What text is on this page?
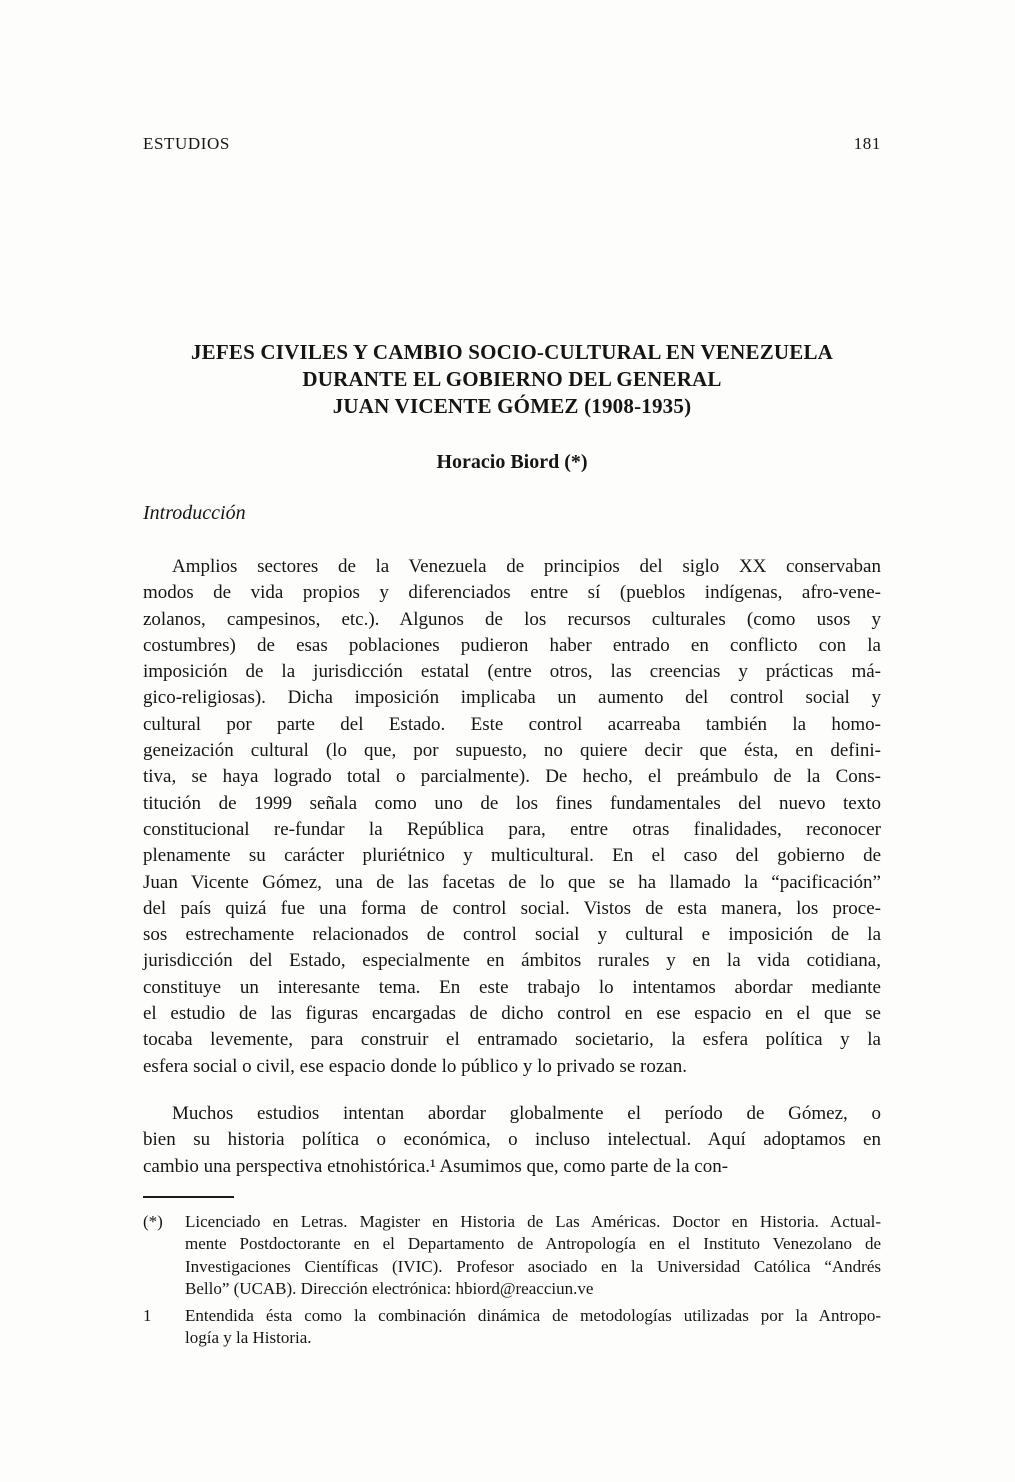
ESTUDIOS	181
JEFES CIVILES Y CAMBIO SOCIO-CULTURAL EN VENEZUELA
DURANTE EL GOBIERNO DEL GENERAL
JUAN VICENTE GÓMEZ (1908-1935)
Horacio Biord (*)
Introducción
Amplios sectores de la Venezuela de principios del siglo XX conservaban
modos de vida propios y diferenciados entre sí (pueblos indígenas, afro-vene-
zolanos, campesinos, etc.). Algunos de los recursos culturales (como usos y
costumbres) de esas poblaciones pudieron haber entrado en conflicto con la
imposición de la jurisdicción estatal (entre otros, las creencias y prácticas má-
gico-religiosas). Dicha imposición implicaba un aumento del control social y
cultural por parte del Estado. Este control acarreaba también la homo-
geneización cultural (lo que, por supuesto, no quiere decir que ésta, en defini-
tiva, se haya logrado total o parcialmente). De hecho, el preámbulo de la Cons-
titución de 1999 señala como uno de los fines fundamentales del nuevo texto
constitucional re-fundar la República para, entre otras finalidades, reconocer
plenamente su carácter pluriétnico y multicultural. En el caso del gobierno de
Juan Vicente Gómez, una de las facetas de lo que se ha llamado la “pacificación”
del país quizá fue una forma de control social. Vistos de esta manera, los proce-
sos estrechamente relacionados de control social y cultural e imposición de la
jurisdicción del Estado, especialmente en ámbitos rurales y en la vida cotidiana,
constituye un interesante tema. En este trabajo lo intentamos abordar mediante
el estudio de las figuras encargadas de dicho control en ese espacio en el que se
tocaba levemente, para construir el entramado societario, la esfera política y la
esfera social o civil, ese espacio donde lo público y lo privado se rozan.
Muchos estudios intentan abordar globalmente el período de Gómez, o
bien su historia política o económica, o incluso intelectual. Aquí adoptamos en
cambio una perspectiva etnohistórica.¹ Asumimos que, como parte de la con-
(*)	Licenciado en Letras. Magister en Historia de Las Américas. Doctor en Historia. Actual-
mente Postdoctorante en el Departamento de Antropología en el Instituto Venezolano de
Investigaciones Científicas (IVIC). Profesor asociado en la Universidad Católica “Andrés
Bello” (UCAB). Dirección electrónica: hbiord@reacciun.ve
1	Entendida ésta como la combinación dinámica de metodologías utilizadas por la Antropo-
logía y la Historia.
